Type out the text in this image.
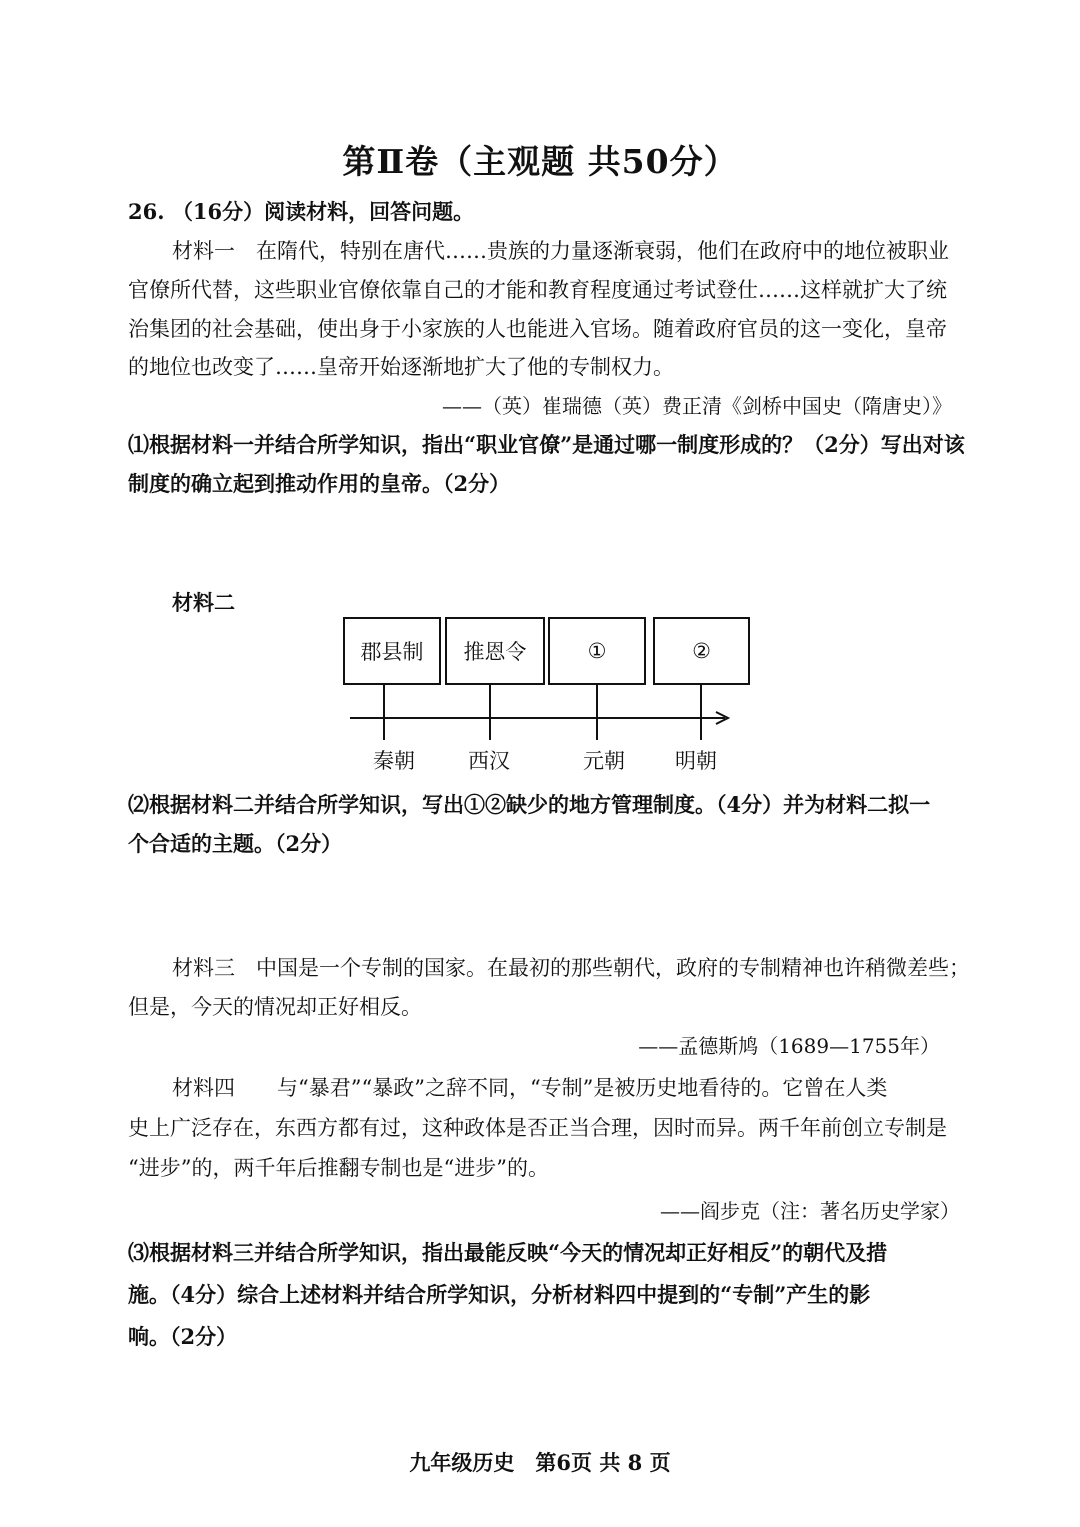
第Ⅱ卷（主观题 共50分）
26. （16分）阅读材料，回答问题。
材料一　在隋代，特别在唐代……贵族的力量逐渐衰弱，他们在政府中的地位被职业
官僚所代替，这些职业官僚依靠自己的才能和教育程度通过考试登仕……这样就扩大了统
治集团的社会基础，使出身于小家族的人也能进入官场。随着政府官员的这一变化，皇帝
的地位也改变了……皇帝开始逐渐地扩大了他的专制权力。
——（英）崔瑞德（英）费正清《剑桥中国史（隋唐史）》
⑴根据材料一并结合所学知识，指出“职业官僚”是通过哪一制度形成的？（2分）写出对该
制度的确立起到推动作用的皇帝。（2分）
材料二
郡县制	推恩令	①	②
秦朝	西汉	元朝	明朝
⑵根据材料二并结合所学知识，写出①②缺少的地方管理制度。（4分）并为材料二拟一
个合适的主题。（2分）
材料三　中国是一个专制的国家。在最初的那些朝代，政府的专制精神也许稍微差些；
但是，今天的情况却正好相反。
——孟德斯鸠（1689—1755年）
材料四　　与“暴君”“暴政”之辞不同，“专制”是被历史地看待的。它曾在人类
史上广泛存在，东西方都有过，这种政体是否正当合理，因时而异。两千年前创立专制是
“进步”的，两千年后推翻专制也是“进步”的。
——阎步克（注：著名历史学家）
⑶根据材料三并结合所学知识，指出最能反映“今天的情况却正好相反”的朝代及措
施。（4分）综合上述材料并结合所学知识，分析材料四中提到的“专制”产生的影
响。（2分）
九年级历史　第6页 共 8 页
